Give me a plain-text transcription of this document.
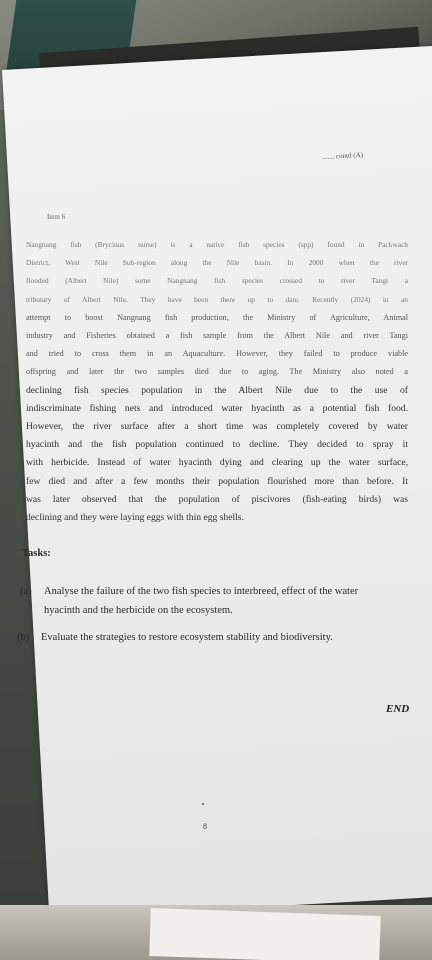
....... contd (A)
Item 6
Nangnang fish (Brycinus nurse) is a native fish species (spp) found in Packwach
District, West Nile Sub-region along the Nile basin. In 2000 when the river
flooded (Albert Nile) some Nangnang fish species crossed to river Tangi a
tributary of Albert Nile. They have been there up to date. Recently (2024) in an
attempt to boost Nangnang fish production, the Ministry of Agriculture, Animal
industry and Fisheries obtained a fish sample from the Albert Nile and river Tangi
and tried to cross them in an Aquaculture. However, they failed to produce viable
offspring and later the two samples died due to aging. The Ministry also noted a
declining fish species population in the Albert Nile due to the use of
indiscriminate fishing nets and introduced water hyacinth as a potential fish food.
However, the river surface after a short time was completely covered by water
hyacinth and the fish population continued to decline. They decided to spray it
with herbicide. Instead of water hyacinth dying and clearing up the water surface,
few died and after a few months their population flourished more than before. It
was later observed that the population of piscivores (fish-eating birds) was
declining and they were laying eggs with thin egg shells.
Tasks:
(a) Analyse the failure of the two fish species to interbreed, effect of the water
hyacinth and the herbicide on the ecosystem.
(b) Evaluate the strategies to restore ecosystem stability and biodiversity.
END
8
